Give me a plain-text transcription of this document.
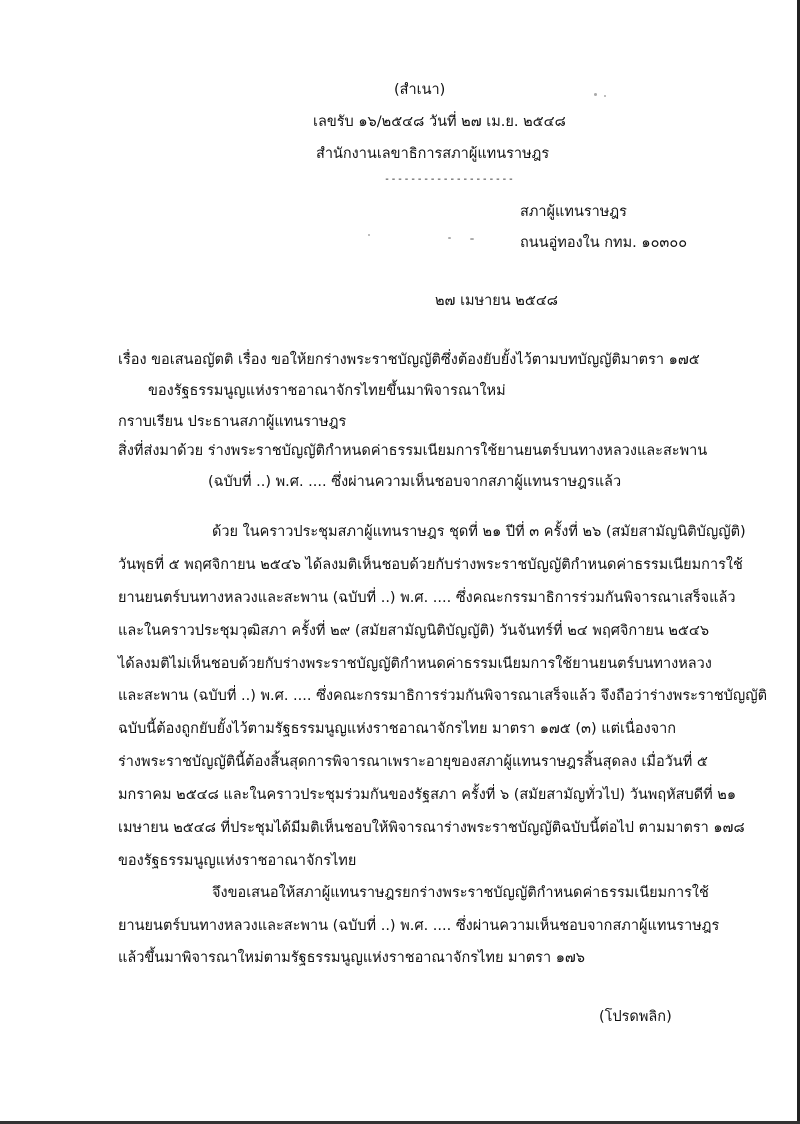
(สำเนา)
เลขรับ ๑๖/๒๕๔๘ วันที่ ๒๗ เม.ย. ๒๕๔๘
สำนักงานเลขาธิการสภาผู้แทนราษฎร
--------------------
สภาผู้แทนราษฎร
ถนนอู่ทองใน กทม. ๑๐๓๐๐
๒๗ เมษายน ๒๕๔๘
เรื่อง ขอเสนอญัตติ เรื่อง ขอให้ยกร่างพระราชบัญญัติซึ่งต้องยับยั้งไว้ตามบทบัญญัติมาตรา ๑๗๕
ของรัฐธรรมนูญแห่งราชอาณาจักรไทยขึ้นมาพิจารณาใหม่
กราบเรียน ประธานสภาผู้แทนราษฎร
สิ่งที่ส่งมาด้วย ร่างพระราชบัญญัติกำหนดค่าธรรมเนียมการใช้ยานยนตร์บนทางหลวงและสะพาน
(ฉบับที่ ..) พ.ศ. .... ซึ่งผ่านความเห็นชอบจากสภาผู้แทนราษฎรแล้ว
ด้วย ในคราวประชุมสภาผู้แทนราษฎร ชุดที่ ๒๑ ปีที่ ๓ ครั้งที่ ๒๖ (สมัยสามัญนิติบัญญัติ)
วันพุธที่ ๕ พฤศจิกายน ๒๕๔๖ ได้ลงมติเห็นชอบด้วยกับร่างพระราชบัญญัติกำหนดค่าธรรมเนียมการใช้
ยานยนตร์บนทางหลวงและสะพาน (ฉบับที่ ..) พ.ศ. .... ซึ่งคณะกรรมาธิการร่วมกันพิจารณาเสร็จแล้ว
และในคราวประชุมวุฒิสภา ครั้งที่ ๒๙ (สมัยสามัญนิติบัญญัติ) วันจันทร์ที่ ๒๔ พฤศจิกายน ๒๕๔๖
ได้ลงมติไม่เห็นชอบด้วยกับร่างพระราชบัญญัติกำหนดค่าธรรมเนียมการใช้ยานยนตร์บนทางหลวง
และสะพาน (ฉบับที่ ..) พ.ศ. .... ซึ่งคณะกรรมาธิการร่วมกันพิจารณาเสร็จแล้ว จึงถือว่าร่างพระราชบัญญัติ
ฉบับนี้ต้องถูกยับยั้งไว้ตามรัฐธรรมนูญแห่งราชอาณาจักรไทย มาตรา ๑๗๕ (๓) แต่เนื่องจาก
ร่างพระราชบัญญัตินี้ต้องสิ้นสุดการพิจารณาเพราะอายุของสภาผู้แทนราษฎรสิ้นสุดลง เมื่อวันที่ ๕
มกราคม ๒๕๔๘ และในคราวประชุมร่วมกันของรัฐสภา ครั้งที่ ๖ (สมัยสามัญทั่วไป) วันพฤหัสบดีที่ ๒๑
เมษายน ๒๕๔๘ ที่ประชุมได้มีมติเห็นชอบให้พิจารณาร่างพระราชบัญญัติฉบับนี้ต่อไป ตามมาตรา ๑๗๘
ของรัฐธรรมนูญแห่งราชอาณาจักรไทย
จึงขอเสนอให้สภาผู้แทนราษฎรยกร่างพระราชบัญญัติกำหนดค่าธรรมเนียมการใช้
ยานยนตร์บนทางหลวงและสะพาน (ฉบับที่ ..) พ.ศ. .... ซึ่งผ่านความเห็นชอบจากสภาผู้แทนราษฎร
แล้วขึ้นมาพิจารณาใหม่ตามรัฐธรรมนูญแห่งราชอาณาจักรไทย มาตรา ๑๗๖
(โปรดพลิก)
